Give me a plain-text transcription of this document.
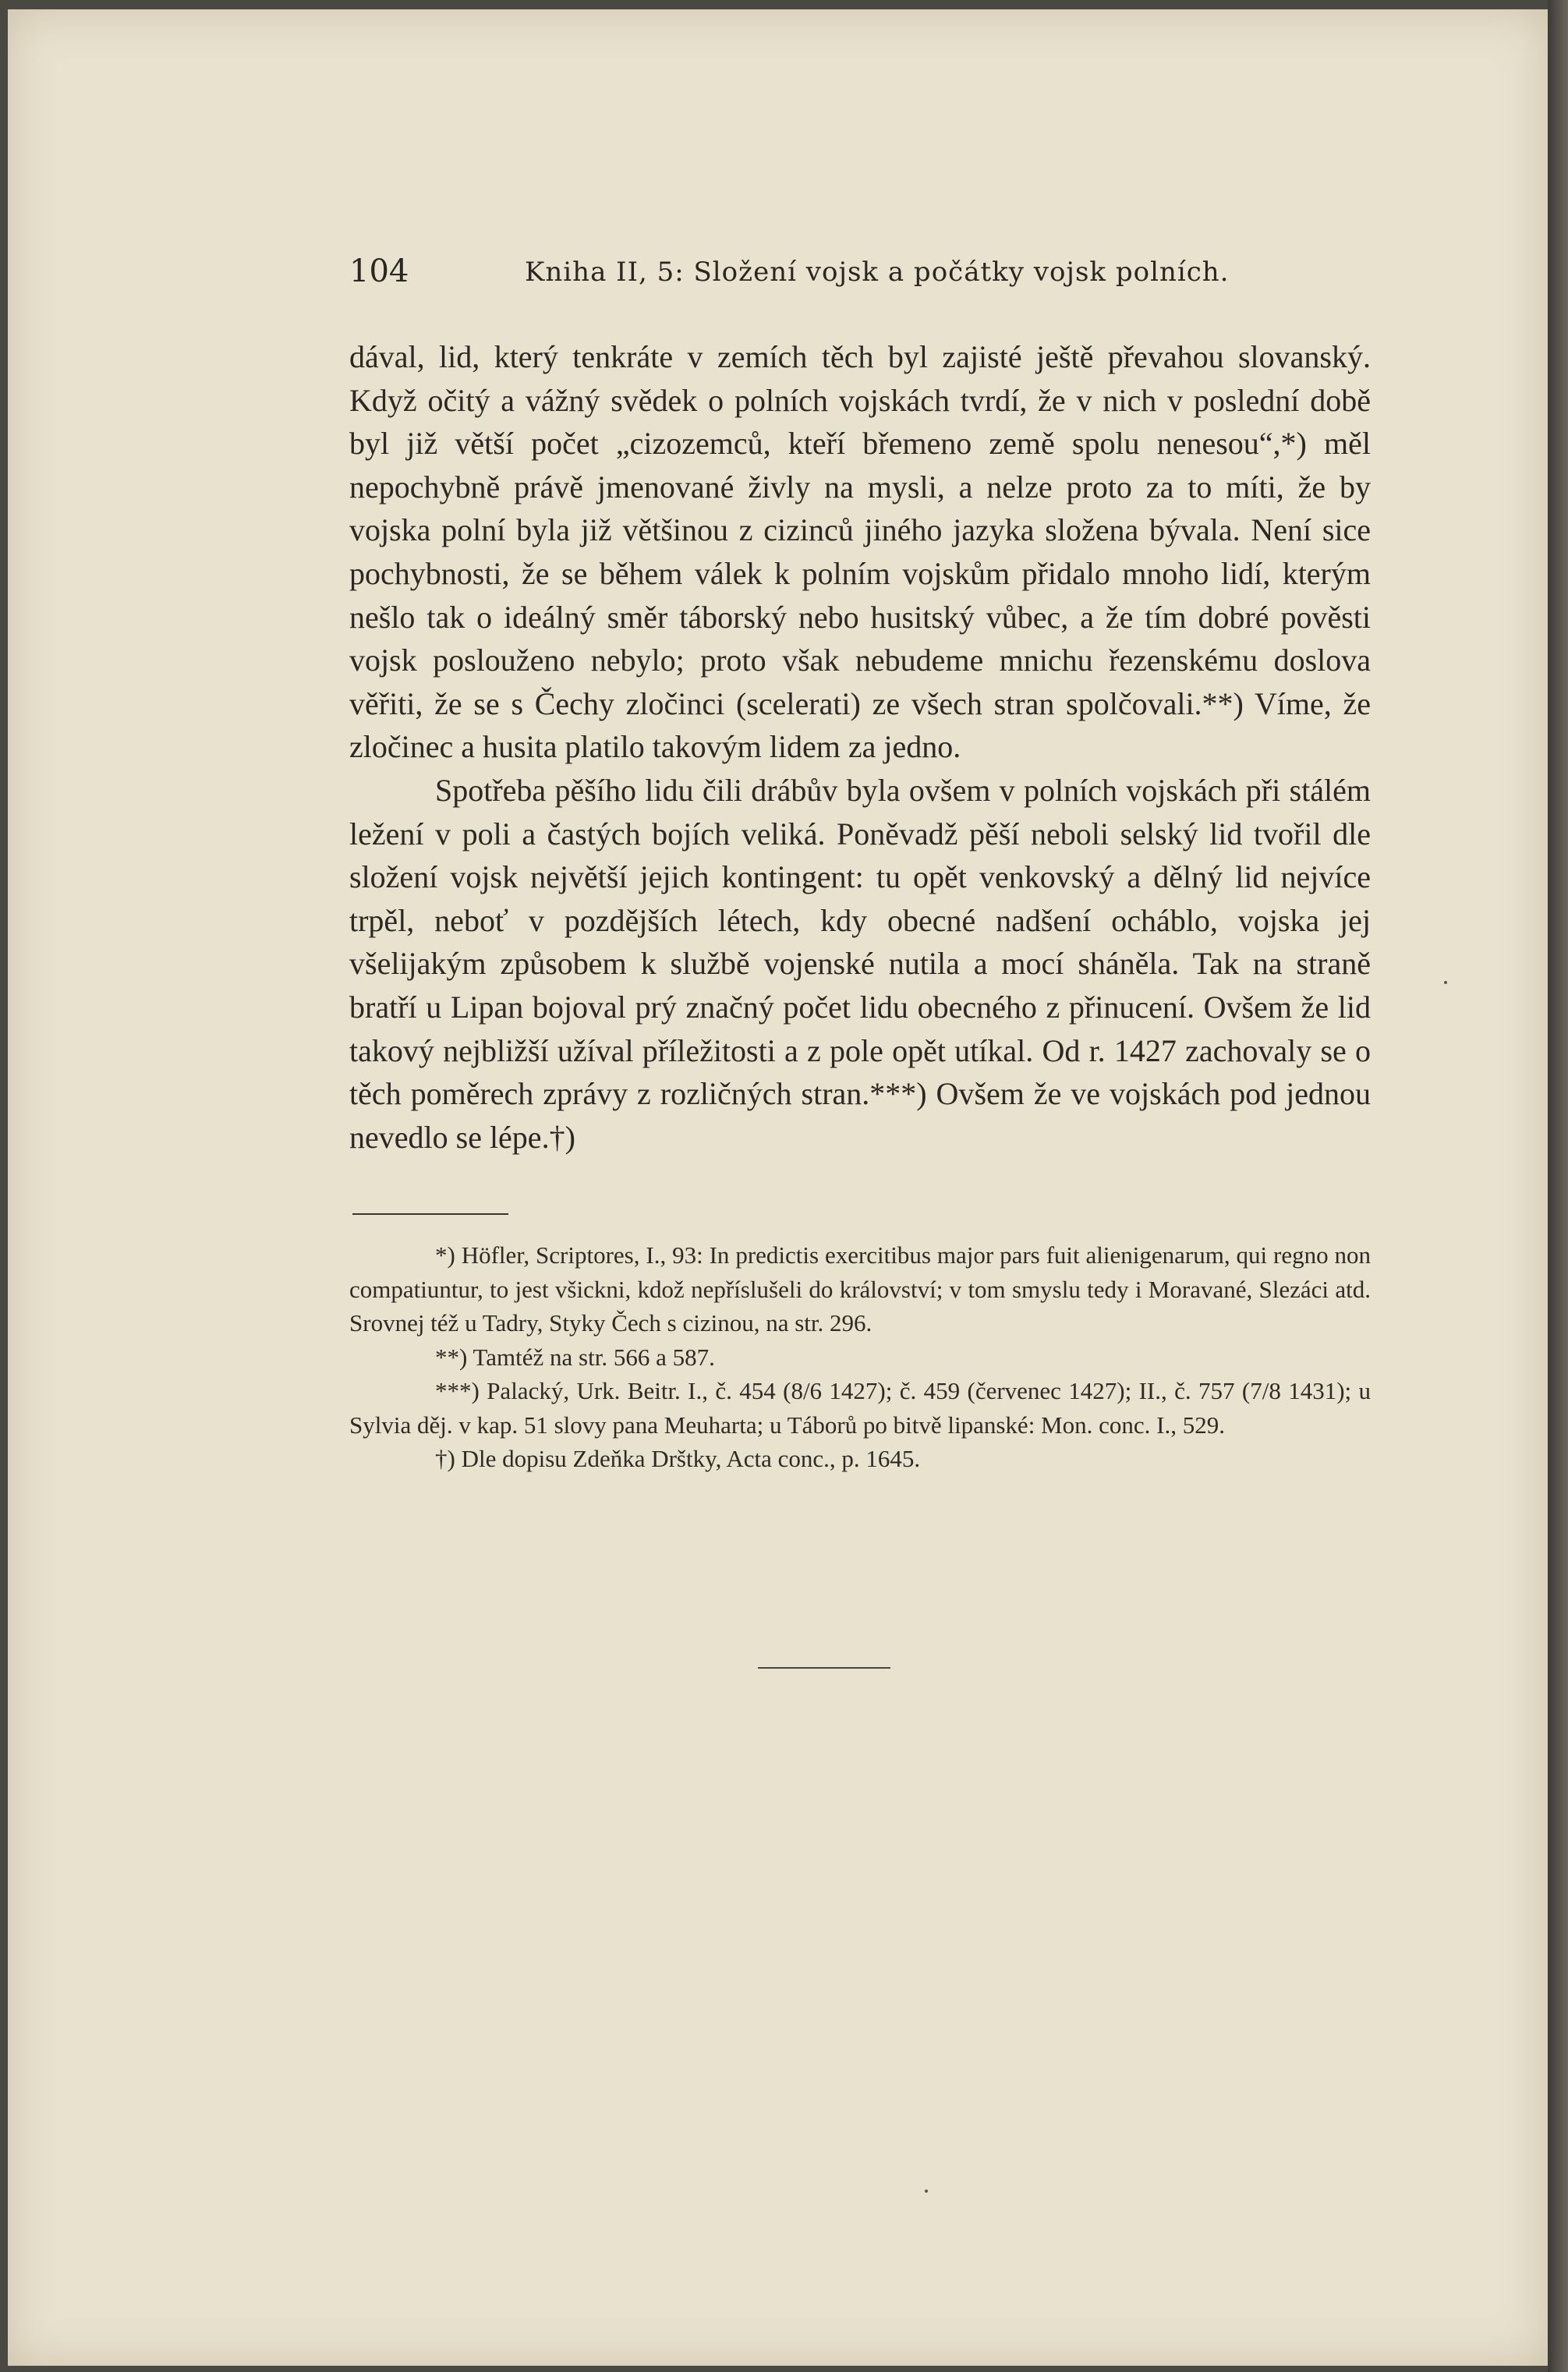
104	Kniha II, 5: Složení vojsk a počátky vojsk polních.

dával, lid, který tenkráte v zemích těch byl zajisté ještě převahou slovanský. Když očitý a vážný svědek o polních vojskách tvrdí, že v nich v poslední době byl již větší počet „cizozemců, kteří břemeno země spolu nenesou“,*) měl nepochybně právě jmenované živly na mysli, a nelze proto za to míti, že by vojska polní byla již většinou z cizinců jiného jazyka složena bývala. Není sice pochybnosti, že se během válek k polním vojskům přidalo mnoho lidí, kterým nešlo tak o ideálný směr táborský nebo husitský vůbec, a že tím dobré pověsti vojsk poslouženo nebylo; proto však nebudeme mnichu řezenskému doslova věřiti, že se s Čechy zločinci (scelerati) ze všech stran spolčovali.**) Víme, že zločinec a husita platilo takovým lidem za jedno.

Spotřeba pěšího lidu čili drábův byla ovšem v polních vojskách při stálém ležení v poli a častých bojích veliká. Poněvadž pěší neboli selský lid tvořil dle složení vojsk největší jejich kontingent: tu opět venkovský a dělný lid nejvíce trpěl, neboť v pozdějších létech, kdy obecné nadšení ocháblo, vojska jej všelijakým způsobem k službě vojenské nutila a mocí sháněla. Tak na straně bratří u Lipan bojoval prý značný počet lidu obecného z přinucení. Ovšem že lid takový nejbližší užíval příležitosti a z pole opět utíkal. Od r. 1427 zachovaly se o těch poměrech zprávy z rozličných stran.***) Ovšem že ve vojskách pod jednou nevedlo se lépe.†)

*) Höfler, Scriptores, I., 93: In predictis exercitibus major pars fuit alienigenarum, qui regno non compatiuntur, to jest všickni, kdož nepříslušeli do království; v tom smyslu tedy i Moravané, Slezáci atd. Srovnej též u Tadry, Styky Čech s cizinou, na str. 296.

**) Tamtéž na str. 566 a 587.

***) Palacký, Urk. Beitr. I., č. 454 (8/6 1427); č. 459 (červenec 1427); II., č. 757 (7/8 1431); u Sylvia děj. v kap. 51 slovy pana Meuharta; u Táborů po bitvě lipanské: Mon. conc. I., 529.

†) Dle dopisu Zdeňka Drštky, Acta conc., p. 1645.
